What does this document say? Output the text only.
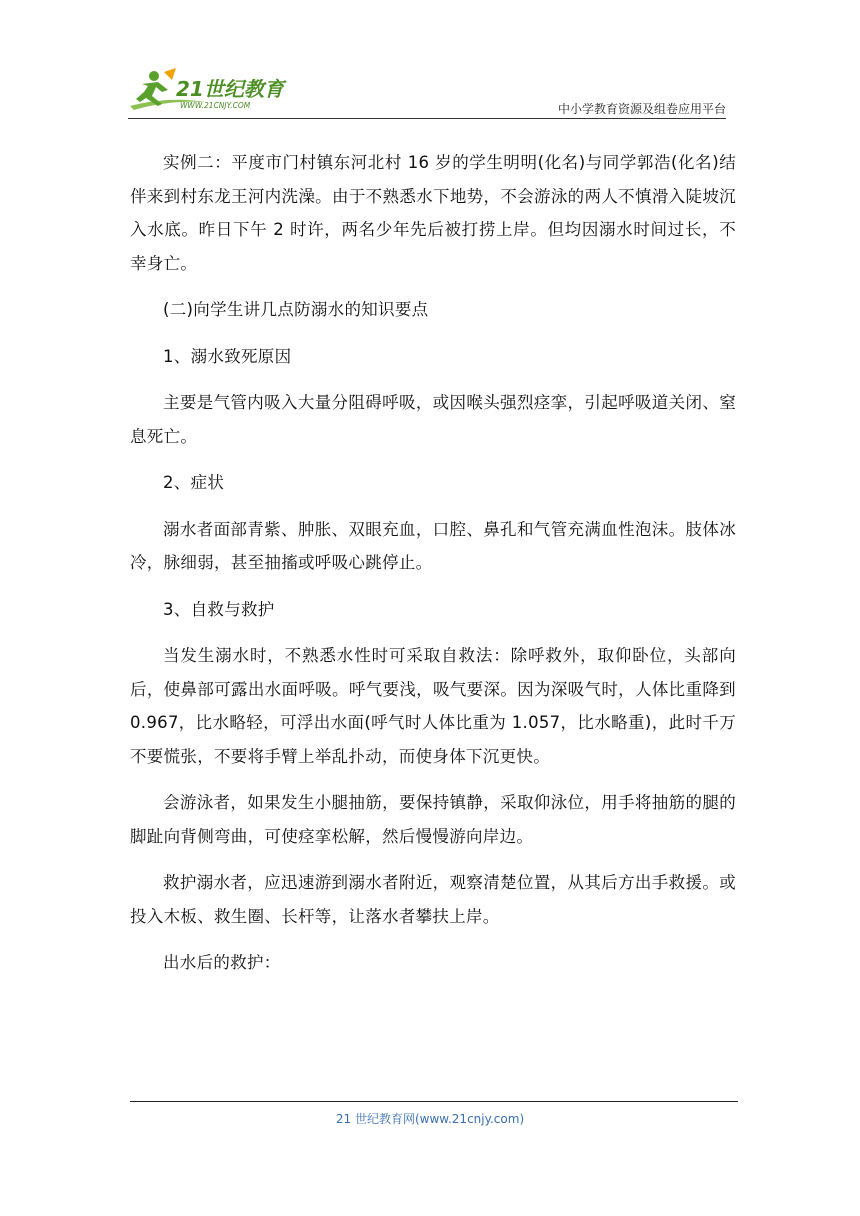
21世纪教育
WWW.21CNJY.COM	中小学教育资源及组卷应用平台

实例二：平度市门村镇东河北村 16 岁的学生明明(化名)与同学郭浩(化名)结伴来到村东龙王河内洗澡。由于不熟悉水下地势，不会游泳的两人不慎滑入陡坡沉入水底。昨日下午 2 时许，两名少年先后被打捞上岸。但均因溺水时间过长，不幸身亡。

(二)向学生讲几点防溺水的知识要点

1、溺水致死原因

主要是气管内吸入大量分阻碍呼吸，或因喉头强烈痉挛，引起呼吸道关闭、窒息死亡。

2、症状

溺水者面部青紫、肿胀、双眼充血，口腔、鼻孔和气管充满血性泡沫。肢体冰冷，脉细弱，甚至抽搐或呼吸心跳停止。

3、自救与救护

当发生溺水时，不熟悉水性时可采取自救法：除呼救外，取仰卧位，头部向后，使鼻部可露出水面呼吸。呼气要浅，吸气要深。因为深吸气时，人体比重降到 0.967，比水略轻，可浮出水面(呼气时人体比重为 1.057，比水略重)，此时千万不要慌张，不要将手臂上举乱扑动，而使身体下沉更快。

会游泳者，如果发生小腿抽筋，要保持镇静，采取仰泳位，用手将抽筋的腿的脚趾向背侧弯曲，可使痉挛松解，然后慢慢游向岸边。

救护溺水者，应迅速游到溺水者附近，观察清楚位置，从其后方出手救援。或投入木板、救生圈、长杆等，让落水者攀扶上岸。

出水后的救护：

21 世纪教育网(www.21cnjy.com)
